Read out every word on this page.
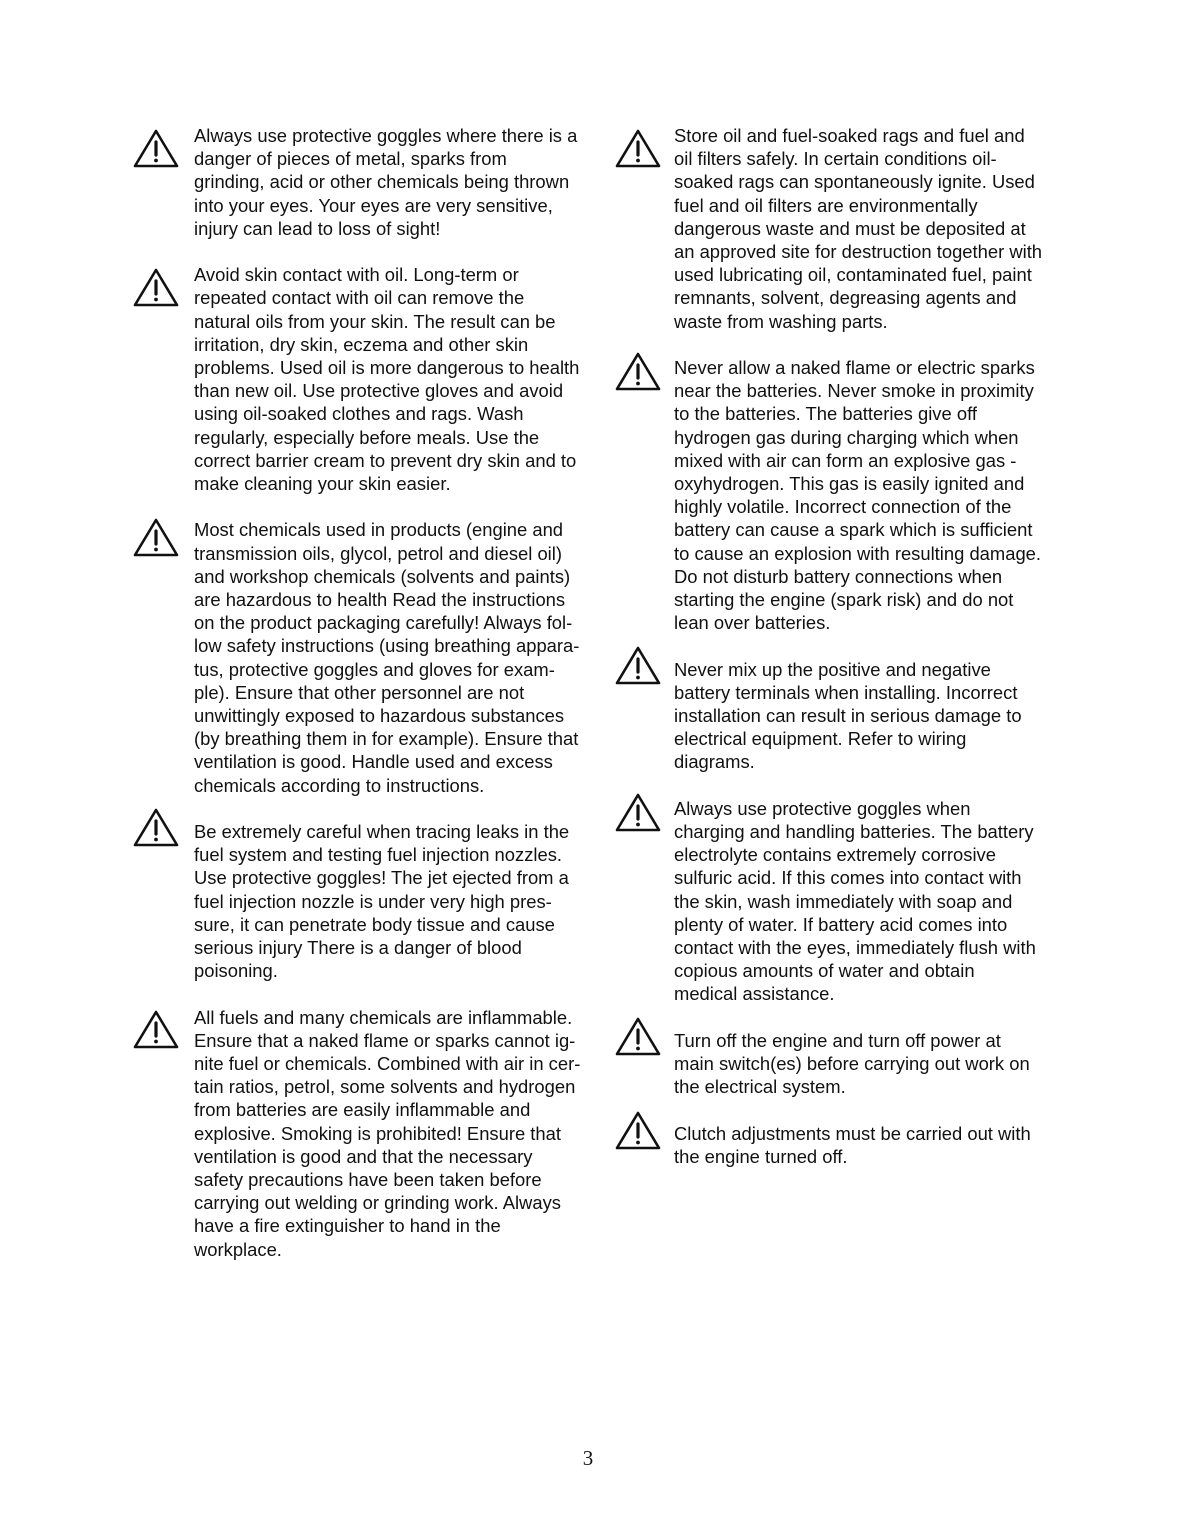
Always use protective goggles where there is a
danger of pieces of metal, sparks from
grinding, acid or other chemicals being thrown
into your eyes. Your eyes are very sensitive,
injury can lead to loss of sight!

Avoid skin contact with oil. Long-term or
repeated contact with oil can remove the
natural oils from your skin. The result can be
irritation, dry skin, eczema and other skin
problems. Used oil is more dangerous to health
than new oil. Use protective gloves and avoid
using oil-soaked clothes and rags. Wash
regularly, especially before meals. Use the
correct barrier cream to prevent dry skin and to
make cleaning your skin easier.

Most chemicals used in products (engine and
transmission oils, glycol, petrol and diesel oil)
and workshop chemicals (solvents and paints)
are hazardous to health Read the instructions
on the product packaging carefully! Always fol-
low safety instructions (using breathing appara-
tus, protective goggles and gloves for exam-
ple). Ensure that other personnel are not
unwittingly exposed to hazardous substances
(by breathing them in for example). Ensure that
ventilation is good. Handle used and excess
chemicals according to instructions.

Be extremely careful when tracing leaks in the
fuel system and testing fuel injection nozzles.
Use protective goggles! The jet ejected from a
fuel injection nozzle is under very high pres-
sure, it can penetrate body tissue and cause
serious injury There is a danger of blood
poisoning.

All fuels and many chemicals are inflammable.
Ensure that a naked flame or sparks cannot ig-
nite fuel or chemicals. Combined with air in cer-
tain ratios, petrol, some solvents and hydrogen
from batteries are easily inflammable and
explosive. Smoking is prohibited! Ensure that
ventilation is good and that the necessary
safety precautions have been taken before
carrying out welding or grinding work. Always
have a fire extinguisher to hand in the
workplace.

Store oil and fuel-soaked rags and fuel and
oil filters safely. In certain conditions oil-
soaked rags can spontaneously ignite. Used
fuel and oil filters are environmentally
dangerous waste and must be deposited at
an approved site for destruction together with
used lubricating oil, contaminated fuel, paint
remnants, solvent, degreasing agents and
waste from washing parts.

Never allow a naked flame or electric sparks
near the batteries. Never smoke in proximity
to the batteries. The batteries give off
hydrogen gas during charging which when
mixed with air can form an explosive gas -
oxyhydrogen. This gas is easily ignited and
highly volatile. Incorrect connection of the
battery can cause a spark which is sufficient
to cause an explosion with resulting damage.
Do not disturb battery connections when
starting the engine (spark risk) and do not
lean over batteries.

Never mix up the positive and negative
battery terminals when installing. Incorrect
installation can result in serious damage to
electrical equipment. Refer to wiring
diagrams.

Always use protective goggles when
charging and handling batteries. The battery
electrolyte contains extremely corrosive
sulfuric acid. If this comes into contact with
the skin, wash immediately with soap and
plenty of water. If battery acid comes into
contact with the eyes, immediately flush with
copious amounts of water and obtain
medical assistance.

Turn off the engine and turn off power at
main switch(es) before carrying out work on
the electrical system.

Clutch adjustments must be carried out with
the engine turned off.

3
